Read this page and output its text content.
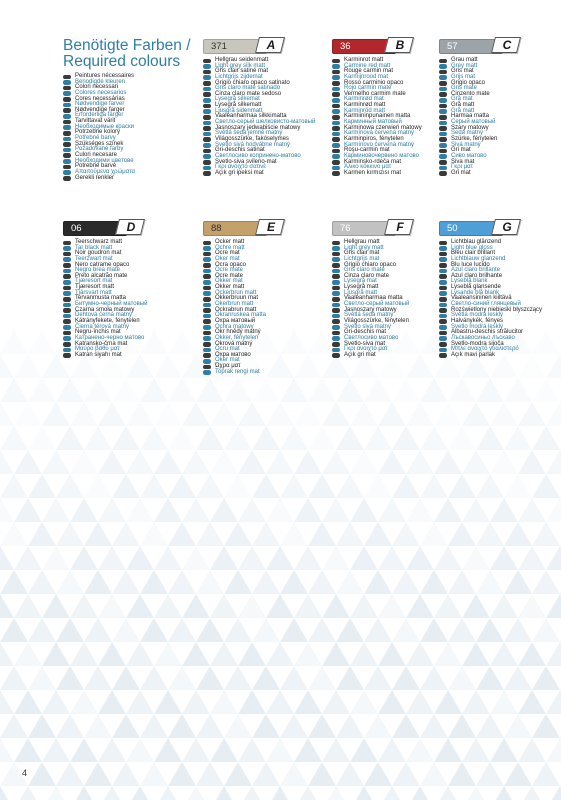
Benötigte Farben /
Required colours
Peintures nécessaires
Benodigde kleuren
Colori necessari
Colores necesarios
Cores necessárias
Nødvendige farver
Nødvendige farger
Erforderliga färger
Tarvittavat värit
Необходимые краски
Potrzebne kolory
Potřebné barvy
Szükséges színek
Požadované farby
Culori necesare
Необходими цветове
Potrebne barve
Απαιτούμενα χρώματα
Gerekli renkler
371	A
Hellgrau seidenmatt
Light grey silk matt
Gris clair satiné mat
Lichtgrijs zijdemat
Grigio chiaro opaco satinato
Gris claro mate satinado
Cinza claro mate sedoso
Lysegrå silkemat
Lysegrå silkematt
Ljusgrå sidenmatt
Vaaleanharmaa silkkimatta
Светло-серый шелковисто-матовый
Jasnoszary jedwabiście matowy
Světlá šedá jemně matný
Világosszürke, fakóselymes
Svetlo sivá hodvábne matný
Gri-deschis satinat
Светлосиво копринено-матово
Svetlo-siva svileno-mat
Γκρι ανοιχτό σατινέ
Açık gri ipeksi mat
36	B
Karminrot matt
Carmine red matt
Rouge carmin mat
Karmijnrood mat
Rosso carminio opaco
Rojo carmín mate
Vermelho carmim mate
Karminrød mat
Karminrød matt
Karminröd matt
Karmiininpunainen matta
Карминный матовый
Karminowa czerwień matowy
Karmínová červená matný
Karminpiros, fénytelen
Karmínovo červená matný
Roşu-carmin mat
Карминовочервено матово
Karminsko-rdeča mat
Άλικο κόκκινο ματ
Karmen kırmızısı mat
57	C
Grau matt
Grey matt
Gris mat
Grijs mat
Grigio opaco
Gris mate
Cinzento mate
Grå mat
Grå matt
Grå matt
Harmaa matta
Серый матовый
Szary matowy
Šedá matný
Szürke, fényteleп
Sivá matný
Gri mat
Сиво матово
Siva mat
Γκρι ματ
Gri mat
06	D
Teerschwarz matt
Tar black matt
Noir goudron mat
Teerzwart mat
Nero catrame opaco
Negro brea mate
Preto alcatrão mate
Tjæresort mat
Tjæresort matt
Tjärsvart matt
Tervanmusta matta
Битумно-черный матовый
Czarna smoła matowy
Dehtová černá matný
Kátrányfekete, fényteleп
Čierna térová matný
Negru-închis mat
Катранено-черно матово
Katransko-črna mat
Μαύρο βαθύ ματ
Katran siyahı mat
88	E
Ocker matt
Ochre matt
Ocre mat
Oker mat
Ocra opaco
Ocre mate
Ocre mate
Okker mat
Okker matt
Ockerbrun matt
Okkerbruun mat
Okerbrun matt
Ockrabrun matt
Okranruskea matta
Охра матовый
Ochra matowy
Okr hnědý matný
Okker, fényteleп
Okrová matný
Ocru mat
Охра матово
Oker mat
Ώχρα ματ
Toprak rengi mat
76	F
Hellgrau matt
Light grey matt
Gris clair mat
Lichtgrijs mat
Grigio chiaro opaco
Gris claro mate
Cinza claro mate
Lysegrå mat
Lysegrå matt
Ljusgrå matt
Vaaleanharmaa matta
Светло-серый матовый
Jasnoszary matowy
Světlá šedá matný
Világosszürke, fényteleп
Svetlo sivá matný
Gri-deschis mat
Светлосиво матово
Svetlo-siva mat
Γκρι ανοιχτό ματ
Açık gri mat
50	G
Lichtblau glänzend
Light blue gloss
Bleu clair brillant
Lichtblauw glanzend
Blu luce lucido
Azul claro brillante
Azul claro brilhante
Lyseblå blank
Lyseblå glansende
Lysande blå blank
Vaaleansininen kiiltävä
Светло-синий глянцевый
Rozświetlony niebieski błyszczący
Světlá modrá lesklý
Halványkék, fényes
Svetlo modrá lesklý
Albastru-deschis strălucitor
Лъскавосиньо лъскаво
Svetlo-modra sijoča
Μπλε ανοιχτό γυαλιστερό
Açık mavi parlak
4
